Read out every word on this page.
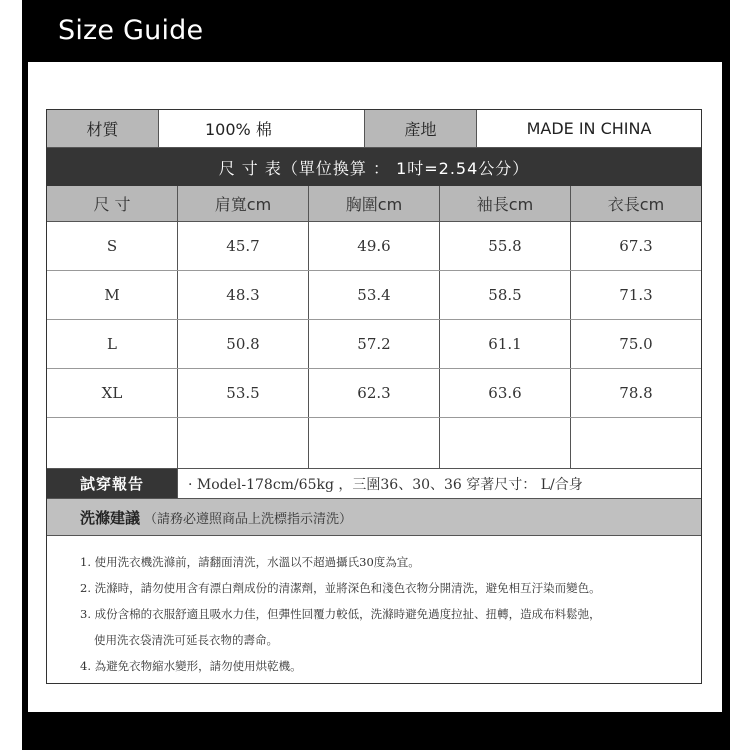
Size Guide
材質	100% 棉	產地	MADE IN CHINA
尺 寸 表（單位換算 ： 1吋=2.54公分）
尺 寸	肩寬cm	胸圍cm	袖長cm	衣長cm
S	45.7	49.6	55.8	67.3
M	48.3	53.4	58.5	71.3
L	50.8	57.2	61.1	75.0
XL	53.5	62.3	63.6	78.8
試穿報告	· Model-178cm/65kg ，三圍36、30、36 穿著尺寸： L/合身
洗滌建議 （請務必遵照商品上洗標指示清洗）
1. 使用洗衣機洗滌前，請翻面清洗，水溫以不超過攝氏30度為宜。
2. 洗滌時，請勿使用含有漂白劑成份的清潔劑，並將深色和淺色衣物分開清洗，避免相互汙染而變色。
3. 成份含棉的衣服舒適且吸水力佳，但彈性回覆力較低，洗滌時避免過度拉扯、扭轉，造成布料鬆弛，
使用洗衣袋清洗可延長衣物的壽命。
4. 為避免衣物縮水變形，請勿使用烘乾機。
